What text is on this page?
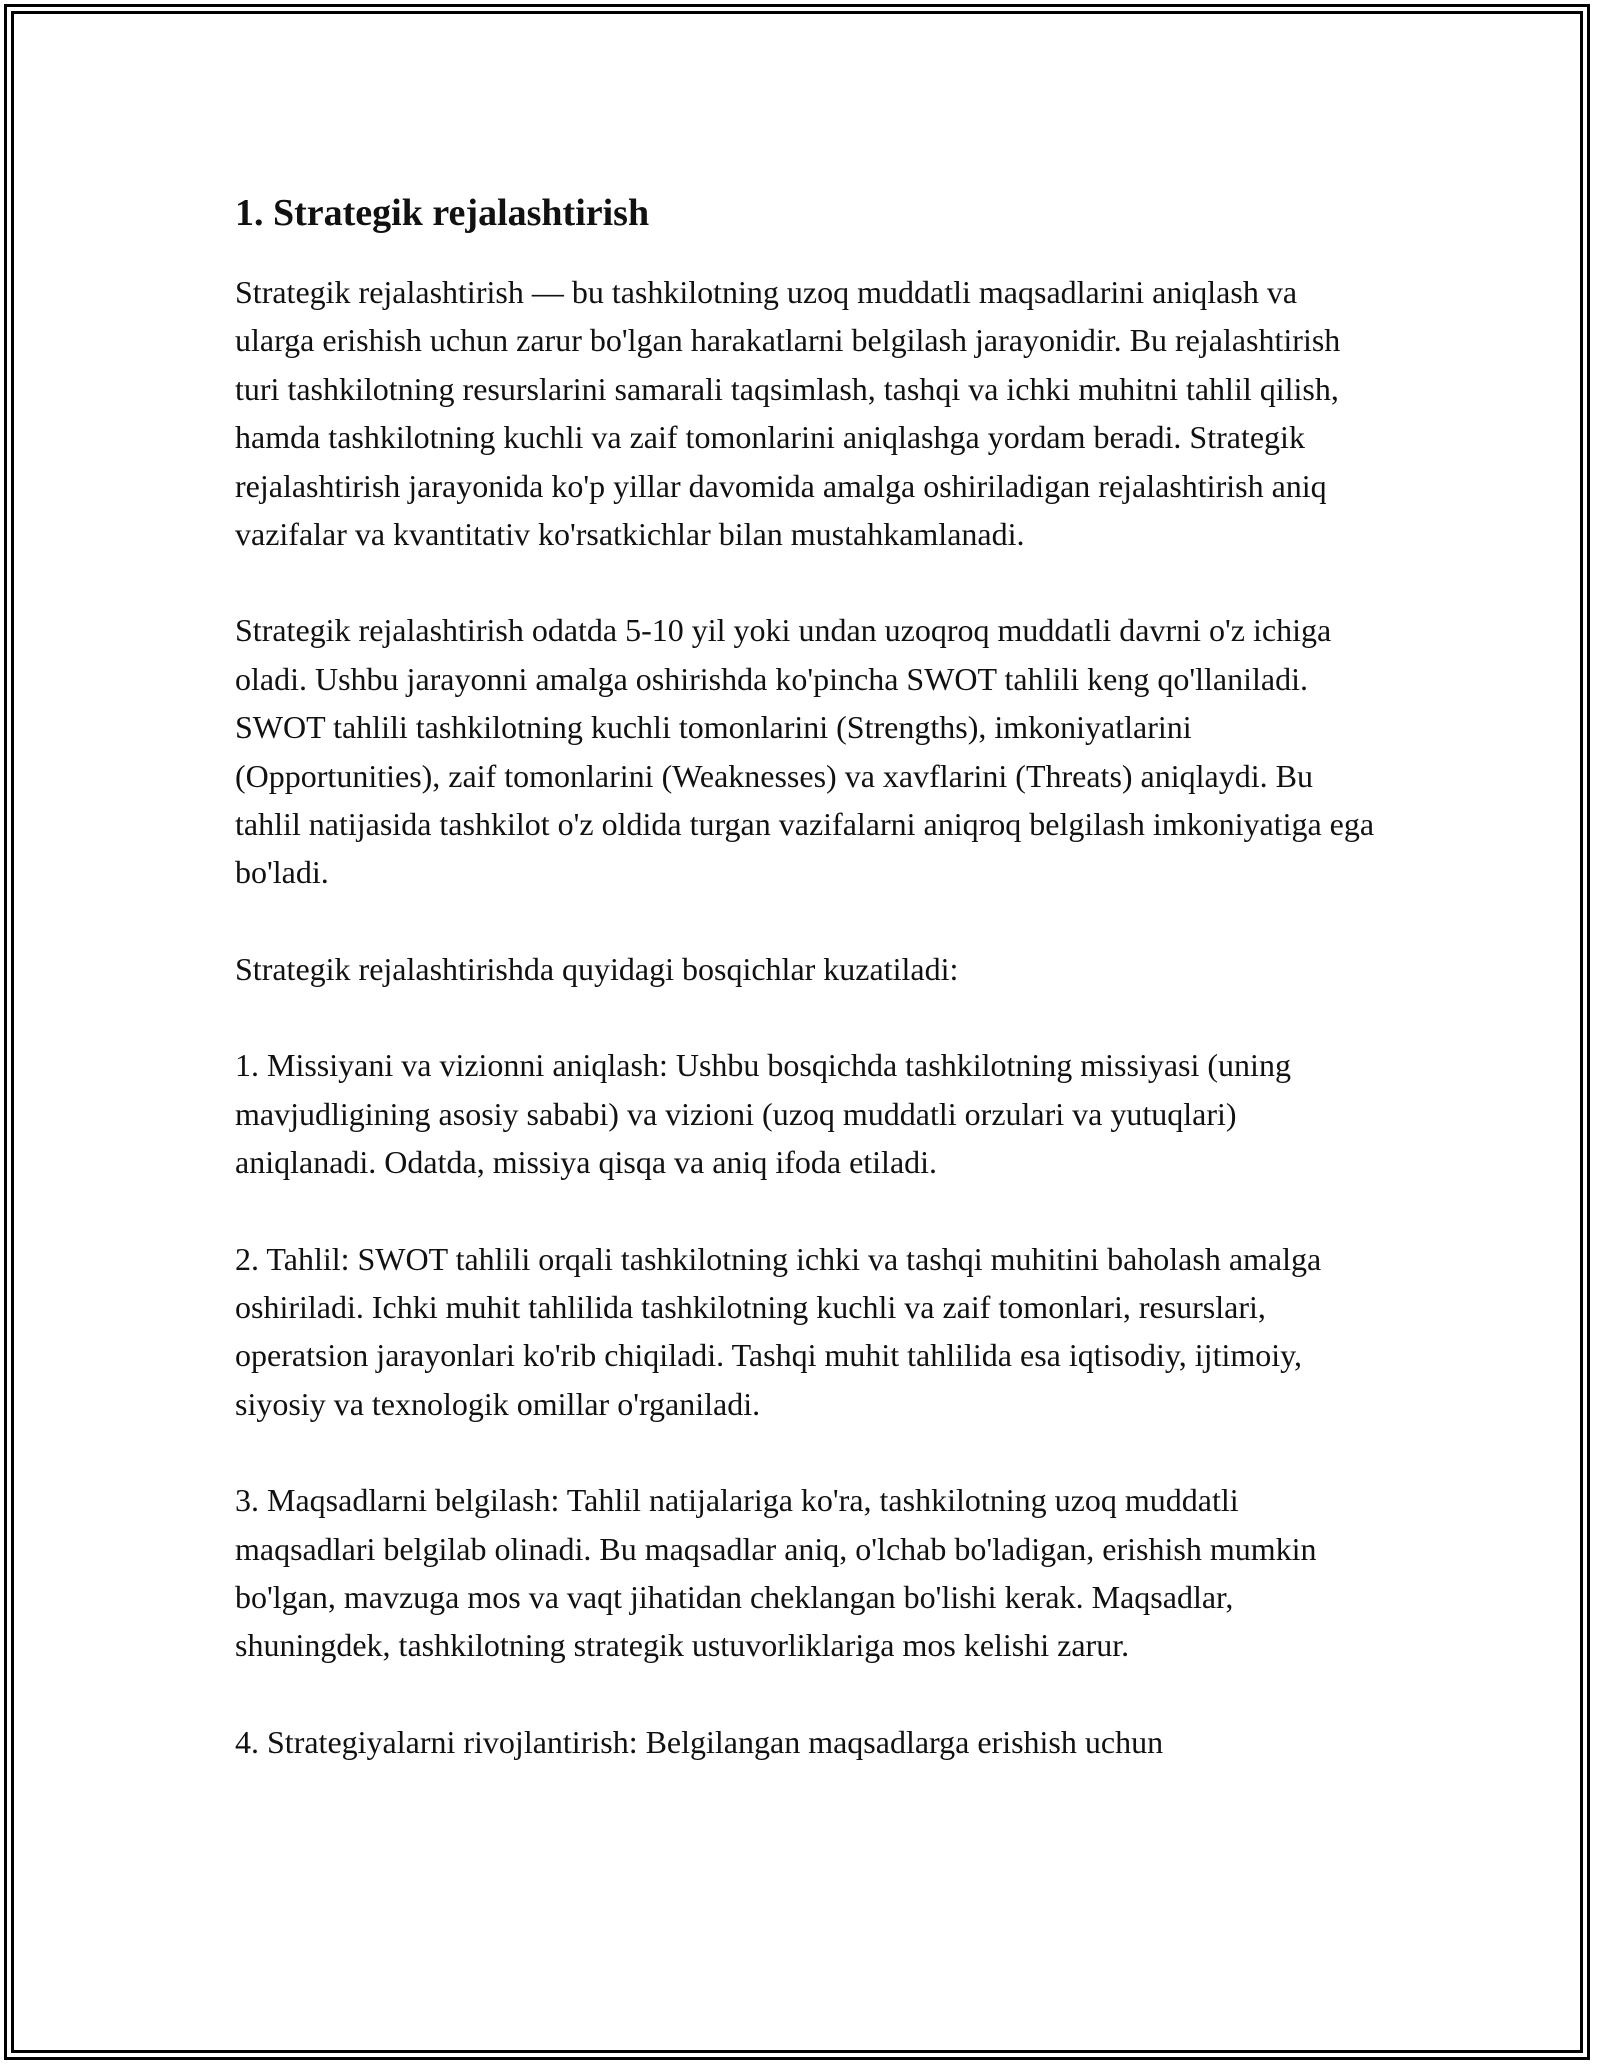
1. Strategik rejalashtirish

Strategik rejalashtirish — bu tashkilotning uzoq muddatli maqsadlarini aniqlash va ularga erishish uchun zarur bo'lgan harakatlarni belgilash jarayonidir. Bu rejalashtirish turi tashkilotning resurslarini samarali taqsimlash, tashqi va ichki muhitni tahlil qilish, hamda tashkilotning kuchli va zaif tomonlarini aniqlashga yordam beradi. Strategik rejalashtirish jarayonida ko'p yillar davomida amalga oshiriladigan rejalashtirish aniq vazifalar va kvantitativ ko'rsatkichlar bilan mustahkamlanadi.

Strategik rejalashtirish odatda 5-10 yil yoki undan uzoqroq muddatli davrni o'z ichiga oladi. Ushbu jarayonni amalga oshirishda ko'pincha SWOT tahlili keng qo'llaniladi. SWOT tahlili tashkilotning kuchli tomonlarini (Strengths), imkoniyatlarini (Opportunities), zaif tomonlarini (Weaknesses) va xavflarini (Threats) aniqlaydi. Bu tahlil natijasida tashkilot o'z oldida turgan vazifalarni aniqroq belgilash imkoniyatiga ega bo'ladi.

Strategik rejalashtirishda quyidagi bosqichlar kuzatiladi:

1. Missiyani va vizionni aniqlash: Ushbu bosqichda tashkilotning missiyasi (uning mavjudligining asosiy sababi) va vizioni (uzoq muddatli orzulari va yutuqlari) aniqlanadi. Odatda, missiya qisqa va aniq ifoda etiladi.

2. Tahlil: SWOT tahlili orqali tashkilotning ichki va tashqi muhitini baholash amalga oshiriladi. Ichki muhit tahlilida tashkilotning kuchli va zaif tomonlari, resurslari, operatsion jarayonlari ko'rib chiqiladi. Tashqi muhit tahlilida esa iqtisodiy, ijtimoiy, siyosiy va texnologik omillar o'rganiladi.

3. Maqsadlarni belgilash: Tahlil natijalariga ko'ra, tashkilotning uzoq muddatli maqsadlari belgilab olinadi. Bu maqsadlar aniq, o'lchab bo'ladigan, erishish mumkin bo'lgan, mavzuga mos va vaqt jihatidan cheklangan bo'lishi kerak. Maqsadlar, shuningdek, tashkilotning strategik ustuvorliklariga mos kelishi zarur.

4. Strategiyalarni rivojlantirish: Belgilangan maqsadlarga erishish uchun
